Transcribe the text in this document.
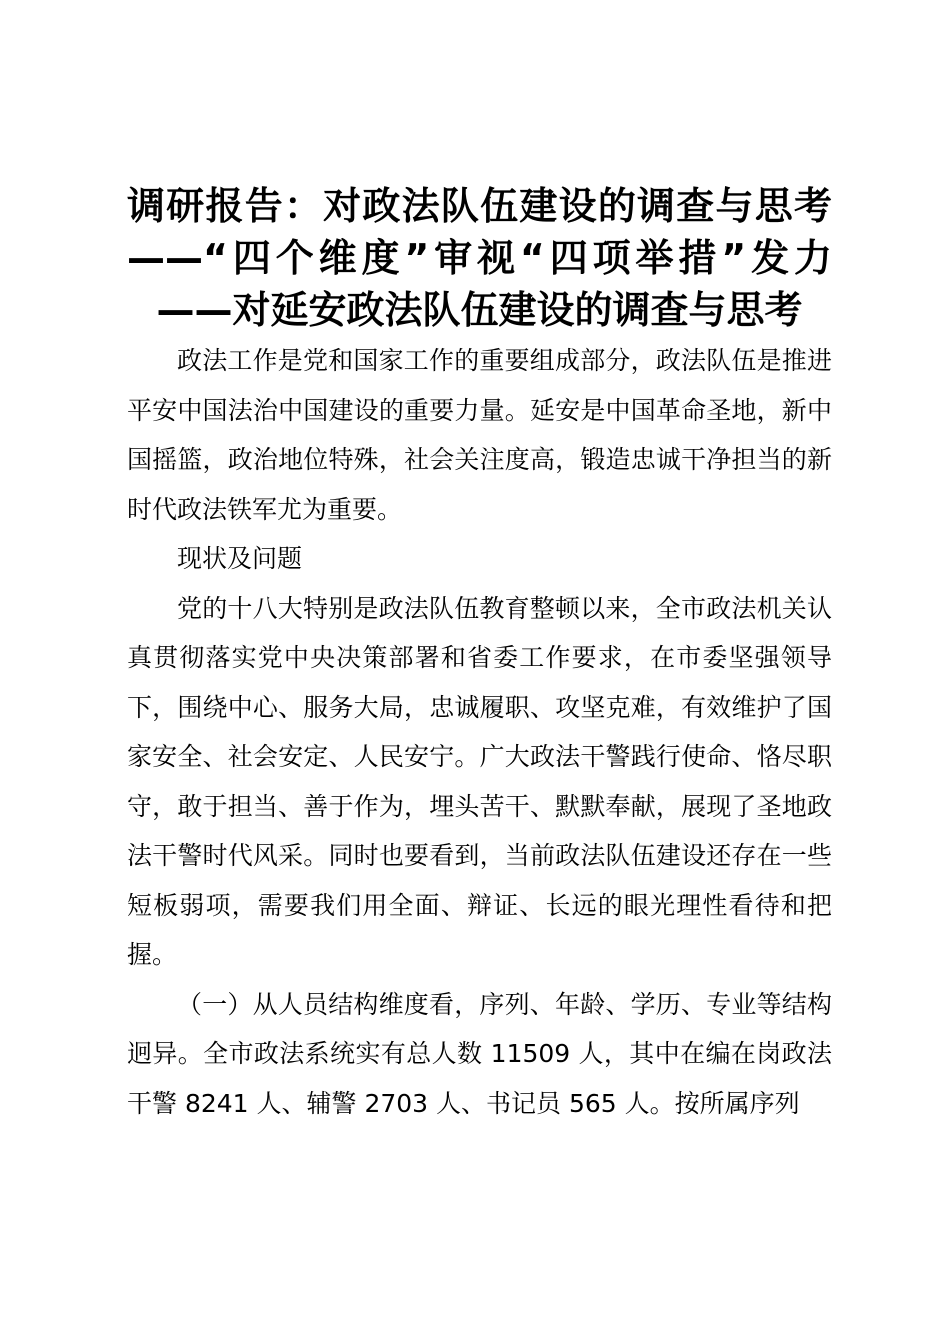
调研报告：对政法队伍建设的调查与思考——“四个维度”审视“四项举措”发力——对延安政法队伍建设的调查与思考

政法工作是党和国家工作的重要组成部分，政法队伍是推进平安中国法治中国建设的重要力量。延安是中国革命圣地，新中国摇篮，政治地位特殊，社会关注度高，锻造忠诚干净担当的新时代政法铁军尤为重要。

现状及问题

党的十八大特别是政法队伍教育整顿以来，全市政法机关认真贯彻落实党中央决策部署和省委工作要求，在市委坚强领导下，围绕中心、服务大局，忠诚履职、攻坚克难，有效维护了国家安全、社会安定、人民安宁。广大政法干警践行使命、恪尽职守，敢于担当、善于作为，埋头苦干、默默奉献，展现了圣地政法干警时代风采。同时也要看到，当前政法队伍建设还存在一些短板弱项，需要我们用全面、辩证、长远的眼光理性看待和把握。

（一）从人员结构维度看，序列、年龄、学历、专业等结构迥异。全市政法系统实有总人数 11509 人，其中在编在岗政法干警 8241 人、辅警 2703 人、书记员 565 人。按所属序列
